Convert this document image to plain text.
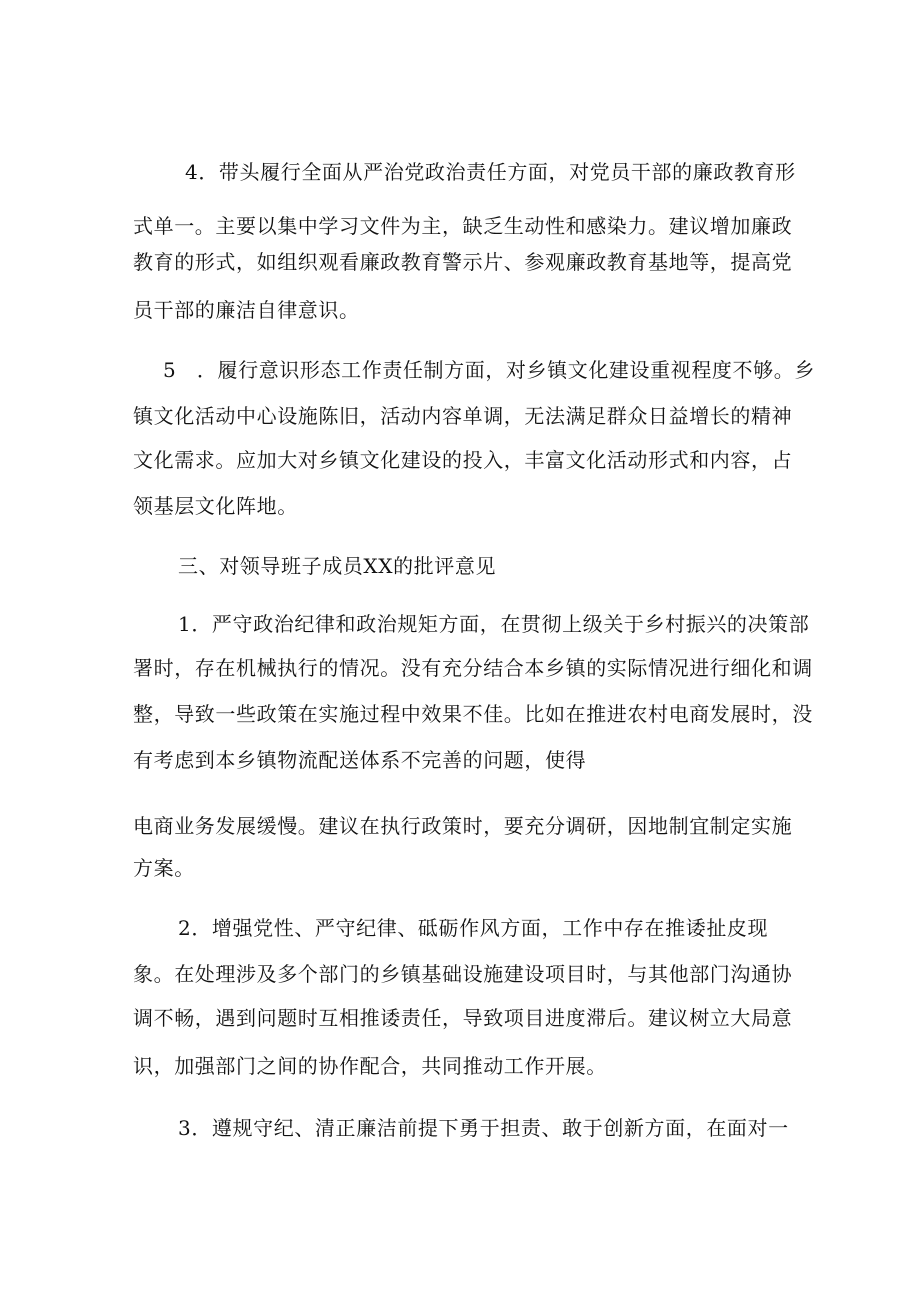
4．带头履行全面从严治党政治责任方面，对党员干部的廉政教育形
式单一。主要以集中学习文件为主，缺乏生动性和感染力。建议增加廉政
教育的形式，如组织观看廉政教育警示片、参观廉政教育基地等，提高党
员干部的廉洁自律意识。
5　．履行意识形态工作责任制方面，对乡镇文化建设重视程度不够。乡
镇文化活动中心设施陈旧，活动内容单调，无法满足群众日益增长的精神
文化需求。应加大对乡镇文化建设的投入，丰富文化活动形式和内容，占
领基层文化阵地。
三、对领导班子成员XX的批评意见
1．严守政治纪律和政治规矩方面，在贯彻上级关于乡村振兴的决策部
署时，存在机械执行的情况。没有充分结合本乡镇的实际情况进行细化和调
整，导致一些政策在实施过程中效果不佳。比如在推进农村电商发展时，没
有考虑到本乡镇物流配送体系不完善的问题，使得
电商业务发展缓慢。建议在执行政策时，要充分调研，因地制宜制定实施
方案。
2．增强党性、严守纪律、砥砺作风方面，工作中存在推诿扯皮现
象。在处理涉及多个部门的乡镇基础设施建设项目时，与其他部门沟通协
调不畅，遇到问题时互相推诿责任，导致项目进度滞后。建议树立大局意
识，加强部门之间的协作配合，共同推动工作开展。
3．遵规守纪、清正廉洁前提下勇于担责、敢于创新方面，在面对一
